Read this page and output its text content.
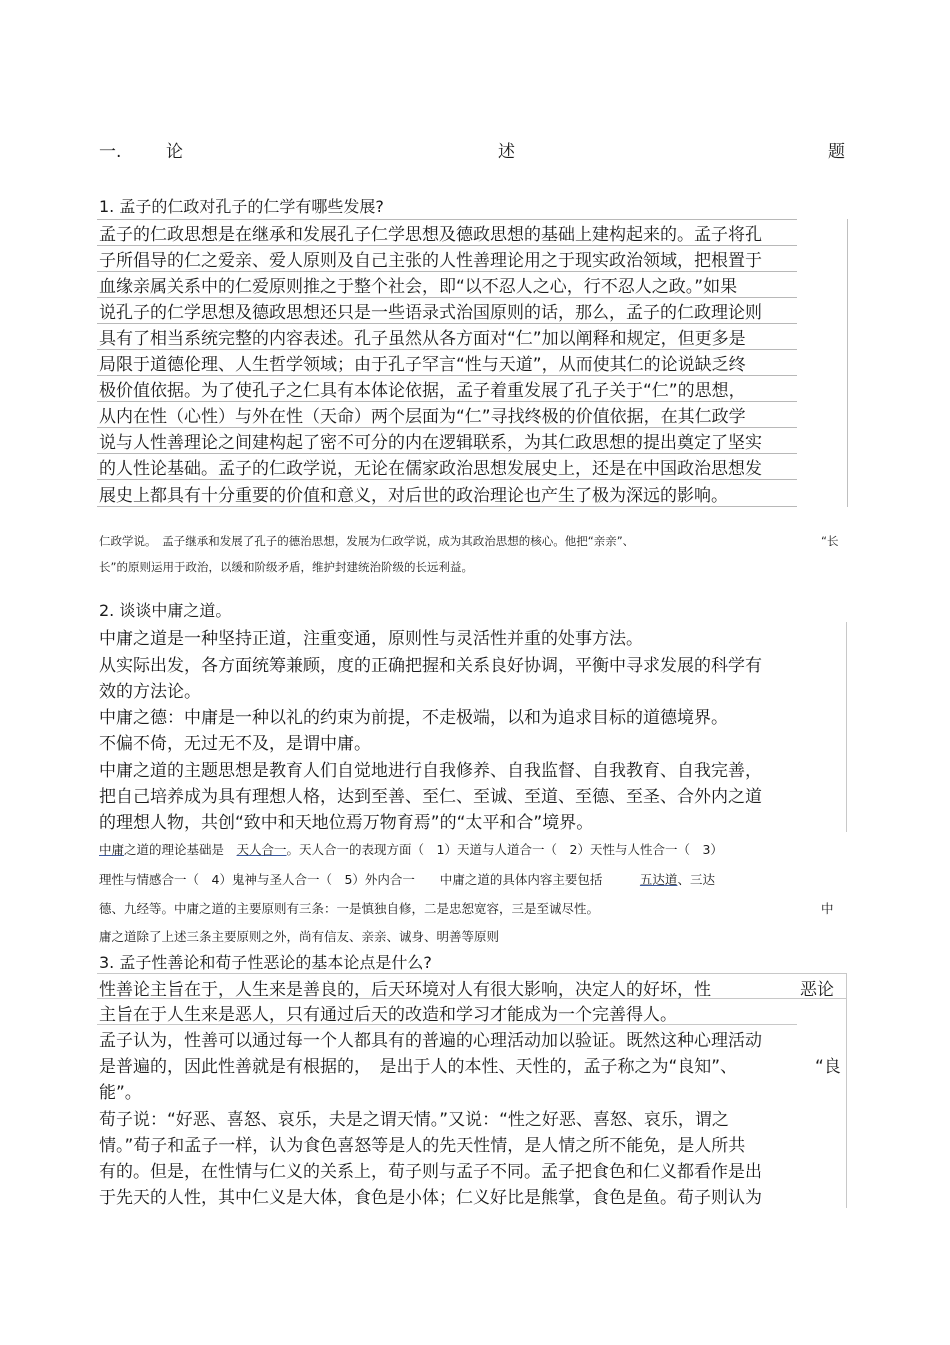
一.	论	述	题
1. 孟子的仁政对孔子的仁学有哪些发展?
孟子的仁政思想是在继承和发展孔子仁学思想及德政思想的基础上建构起来的。孟子将孔
子所倡导的仁之爱亲、爱人原则及自己主张的人性善理论用之于现实政治领域，把根置于
血缘亲属关系中的仁爱原则推之于整个社会，即“以不忍人之心，行不忍人之政。”如果
说孔子的仁学思想及德政思想还只是一些语录式治国原则的话，那么，孟子的仁政理论则
具有了相当系统完整的内容表述。孔子虽然从各方面对“仁”加以阐释和规定，但更多是
局限于道德伦理、人生哲学领域；由于孔子罕言“性与天道”，从而使其仁的论说缺乏终
极价值依据。为了使孔子之仁具有本体论依据，孟子着重发展了孔子关于“仁”的思想，
从内在性（心性）与外在性（天命）两个层面为“仁”寻找终极的价值依据，在其仁政学
说与人性善理论之间建构起了密不可分的内在逻辑联系，为其仁政思想的提出奠定了坚实
的人性论基础。孟子的仁政学说，无论在儒家政治思想发展史上，还是在中国政治思想发
展史上都具有十分重要的价值和意义，对后世的政治理论也产生了极为深远的影响。
仁政学说。　孟子继承和发展了孔子的德治思想，发展为仁政学说，成为其政治思想的核心。他把“亲亲”、	“长
长”的原则运用于政治，以缓和阶级矛盾，维护封建统治阶级的长远利益。
2. 谈谈中庸之道。
中庸之道是一种坚持正道，注重变通，原则性与灵活性并重的处事方法。
从实际出发，各方面统筹兼顾，度的正确把握和关系良好协调，平衡中寻求发展的科学有
效的方法论。
中庸之德：中庸是一种以礼的约束为前提，不走极端，以和为追求目标的道德境界。
不偏不倚，无过无不及，是谓中庸。
中庸之道的主题思想是教育人们自觉地进行自我修养、自我监督、自我教育、自我完善，
把自己培养成为具有理想人格，达到至善、至仁、至诚、至道、至德、至圣、合外内之道
的理想人物，共创“致中和天地位焉万物育焉”的“太平和合”境界。
中庸之道的理论基础是　天人合一。天人合一的表现方面（　1）天道与人道合一（　2）天性与人性合一（　3）
理性与情感合一（　4）鬼神与圣人合一（　5）外内合一　　中庸之道的具体内容主要包括　　　五达道、三达
德、九经等。中庸之道的主要原则有三条：一是慎独自修，二是忠恕宽容，三是至诚尽性。	中
庸之道除了上述三条主要原则之外，尚有信友、亲亲、诚身、明善等原则
3. 孟子性善论和荀子性恶论的基本论点是什么?
性善论主旨在于，人生来是善良的，后天环境对人有很大影响，决定人的好坏，性	恶论
主旨在于人生来是恶人，只有通过后天的改造和学习才能成为一个完善得人。
孟子认为，性善可以通过每一个人都具有的普遍的心理活动加以验证。既然这种心理活动
是普遍的，因此性善就是有根据的，　是出于人的本性、天性的，孟子称之为“良知”、	“良
能”。
荀子说：“好恶、喜怒、哀乐，夫是之谓天情。”又说：“性之好恶、喜怒、哀乐，谓之
情。”荀子和孟子一样，认为食色喜怒等是人的先天性情，是人情之所不能免，是人所共
有的。但是，在性情与仁义的关系上，荀子则与孟子不同。孟子把食色和仁义都看作是出
于先天的人性，其中仁义是大体，食色是小体；仁义好比是熊掌，食色是鱼。荀子则认为
